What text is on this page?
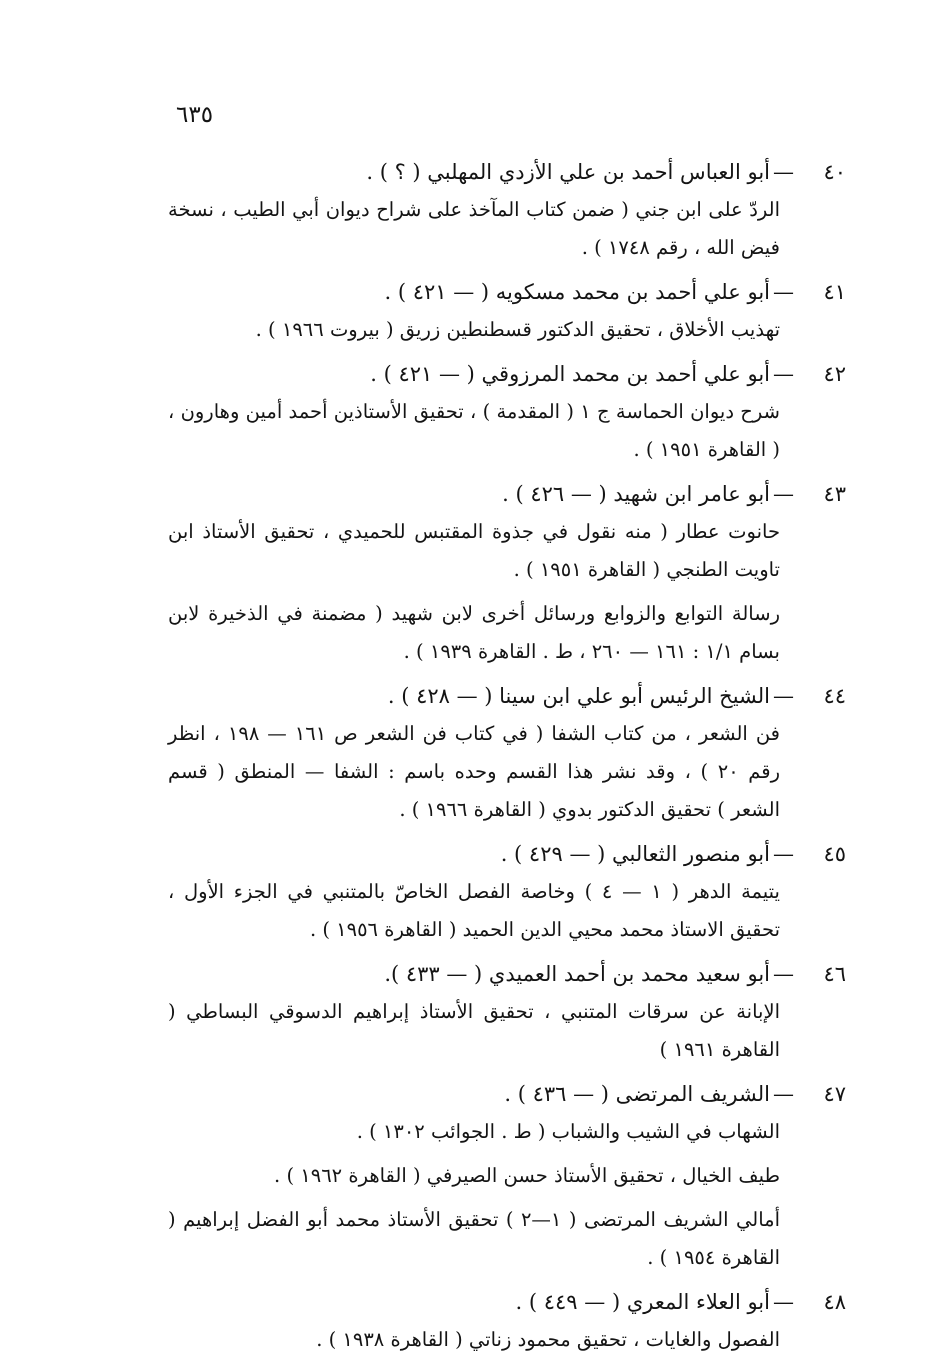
٦٣٥
٤٠—أبو العباس أحمد بن علي الأزدي المهلبي ( ؟ ) .

الردّ على ابن جني ( ضمن كتاب المآخذ على شراح ديوان أبي الطيب ، نسخة فيض الله ، رقم ١٧٤٨ ) .

٤١—أبو علي أحمد بن محمد مسكويه ( — ٤٢١ ) .

تهذيب الأخلاق ، تحقيق الدكتور قسطنطين زريق ( بيروت ١٩٦٦ ) .

٤٢—أبو علي أحمد بن محمد المرزوقي ( — ٤٢١ ) .

شرح ديوان الحماسة ج ١ ( المقدمة ) ، تحقيق الأستاذين أحمد أمين وهارون ، ( القاهرة ١٩٥١ ) .

٤٣—أبو عامر ابن شهيد ( — ٤٢٦ ) .

حانوت عطار ( منه نقول في جذوة المقتبس للحميدي ، تحقيق الأستاذ ابن تاويت الطنجي ( القاهرة ١٩٥١ ) .

رسالة التوابع والزوابع ورسائل أخرى لابن شهيد ( مضمنة في الذخيرة لابن بسام ١/١ : ١٦١ — ٢٦٠ ، ط . القاهرة ١٩٣٩ ) .

٤٤—الشيخ الرئيس أبو علي ابن سينا ( — ٤٢٨ ) .

فن الشعر ، من كتاب الشفا ( في كتاب فن الشعر ص ١٦١ — ١٩٨ ، انظر رقم ٢٠ ) ، وقد نشر هذا القسم وحده باسم : الشفا — المنطق ( قسم الشعر ) تحقيق الدكتور بدوي ( القاهرة ١٩٦٦ ) .

٤٥—أبو منصور الثعالبي ( — ٤٢٩ ) .

يتيمة الدهر ( ١ — ٤ ) وخاصة الفصل الخاصّ بالمتنبي في الجزء الأول ، تحقيق الاستاذ محمد محيي الدين الحميد ( القاهرة ١٩٥٦ ) .

٤٦—أبو سعيد محمد بن أحمد العميدي ( — ٤٣٣ ).

الإبانة عن سرقات المتنبي ، تحقيق الأستاذ إبراهيم الدسوقي البساطي ( القاهرة ١٩٦١ )

٤٧—الشريف المرتضى ( — ٤٣٦ ) .

الشهاب في الشيب والشباب ( ط . الجوائب ١٣٠٢ ) .

طيف الخيال ، تحقيق الأستاذ حسن الصيرفي ( القاهرة ١٩٦٢ ) .

أمالي الشريف المرتضى ( ١—٢ ) تحقيق الأستاذ محمد أبو الفضل إبراهيم ( القاهرة ١٩٥٤ ) .

٤٨—أبو العلاء المعري ( — ٤٤٩ ) .

الفصول والغايات ، تحقيق محمود زناتي ( القاهرة ١٩٣٨ ) .
